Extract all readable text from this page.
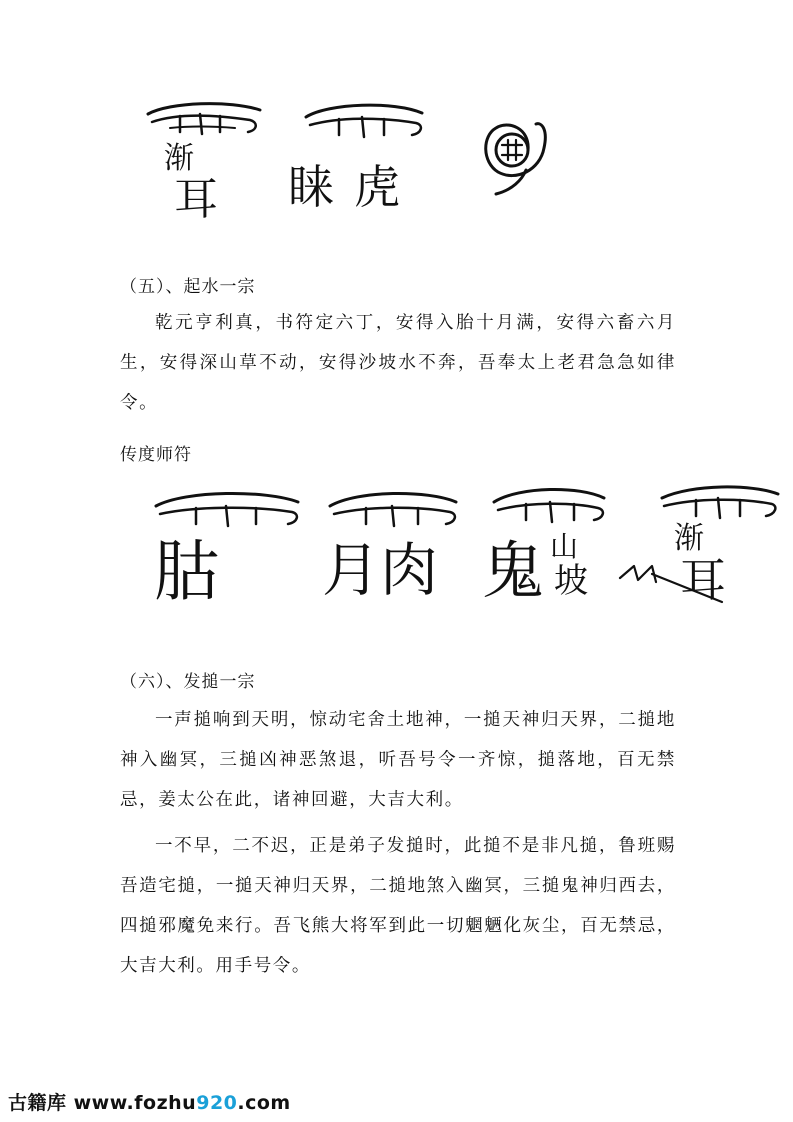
渐
耳 睐 虎
（五）、起水一宗

乾元亨利真，书符定六丁，安得入胎十月满，安得六畜六月生，安得深山草不动，安得沙坡水不奔，吾奉太上老君急急如律令。

传度师符
𦙶 月 肉 鬼 山
坡
渐
耳
（六）、发搥一宗

一声搥响到天明，惊动宅舍土地神，一搥天神归天界，二搥地神入幽冥，三搥凶神恶煞退，听吾号令一齐惊，搥落地，百无禁忌，姜太公在此，诸神回避，大吉大利。

一不早，二不迟，正是弟子发搥时，此搥不是非凡搥，鲁班赐吾造宅搥，一搥天神归天界，二搥地煞入幽冥，三搥鬼神归西去，四搥邪魔免来行。吾飞熊大将军到此一切魍魉化灰尘，百无禁忌，大吉大利。用手号令。

古籍库 www.fozhu920.com
